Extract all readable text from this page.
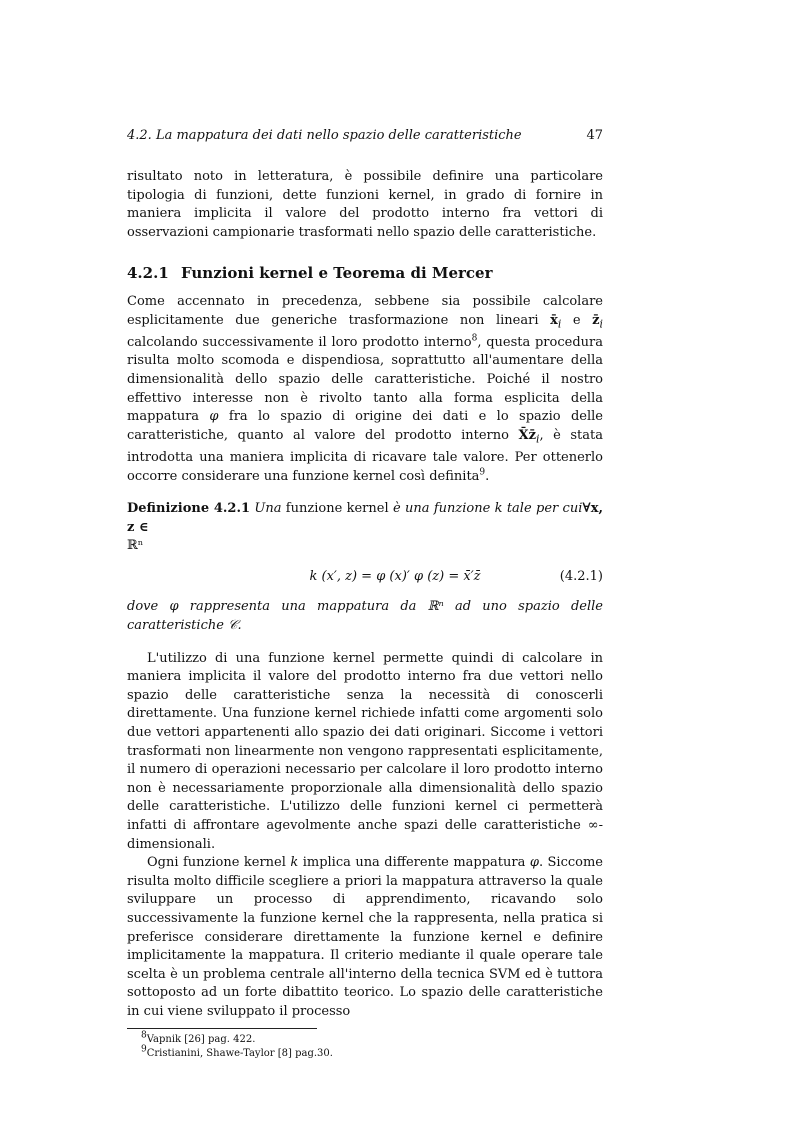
4.2. La mappatura dei dati nello spazio delle caratteristiche	47

risultato noto in letteratura, è possibile definire una particolare tipologia di funzioni, dette funzioni kernel, in grado di fornire in maniera implicita il valore del prodotto interno fra vettori di osservazioni campionarie trasformati nello spazio delle caratteristiche.

4.2.1 Funzioni kernel e Teorema di Mercer

Come accennato in precedenza, sebbene sia possibile calcolare esplicitamente due generiche trasformazione non lineari $x̄_i$ e $z̄_i$ calcolando successivamente il loro prodotto interno$^8$, questa procedura risulta molto scomoda e dispendiosa, soprattutto all'aumentare della dimensionalità dello spazio delle caratteristiche. Poiché il nostro effettivo interesse non è rivolto tanto alla forma esplicita della mappatura φ fra lo spazio di origine dei dati e lo spazio delle caratteristiche, quanto al valore del prodotto interno $X̄z̄_i$, è stata introdotta una maniera implicita di ricavare tale valore. Per ottenerlo occorre considerare una funzione kernel così definita$^9$.

Definizione 4.2.1 Una funzione kernel è una funzione k tale per cui∀x, z ∈
ℝⁿ

k (x′, z) = φ (x)′ φ (z) = x̄′z̄	(4.2.1)

dove φ rappresenta una mappatura da ℝⁿ ad uno spazio delle caratteristiche 𝒞.

L'utilizzo di una funzione kernel permette quindi di calcolare in maniera implicita il valore del prodotto interno fra due vettori nello spazio delle caratteristiche senza la necessità di conoscerli direttamente. Una funzione kernel richiede infatti come argomenti solo due vettori appartenenti allo spazio dei dati originari. Siccome i vettori trasformati non linearmente non vengono rappresentati esplicitamente, il numero di operazioni necessario per calcolare il loro prodotto interno non è necessariamente proporzionale alla dimensionalità dello spazio delle caratteristiche. L'utilizzo delle funzioni kernel ci permetterà infatti di affrontare agevolmente anche spazi delle caratteristiche ∞-dimensionali.

Ogni funzione kernel k implica una differente mappatura φ. Siccome risulta molto difficile scegliere a priori la mappatura attraverso la quale sviluppare un processo di apprendimento, ricavando solo successivamente la funzione kernel che la rappresenta, nella pratica si preferisce considerare direttamente la funzione kernel e definire implicitamente la mappatura. Il criterio mediante il quale operare tale scelta è un problema centrale all'interno della tecnica SVM ed è tuttora sottoposto ad un forte dibattito teorico. Lo spazio delle caratteristiche in cui viene sviluppato il processo

$^8$Vapnik [26] pag. 422.
$^9$Cristianini, Shawe-Taylor [8] pag.30.
